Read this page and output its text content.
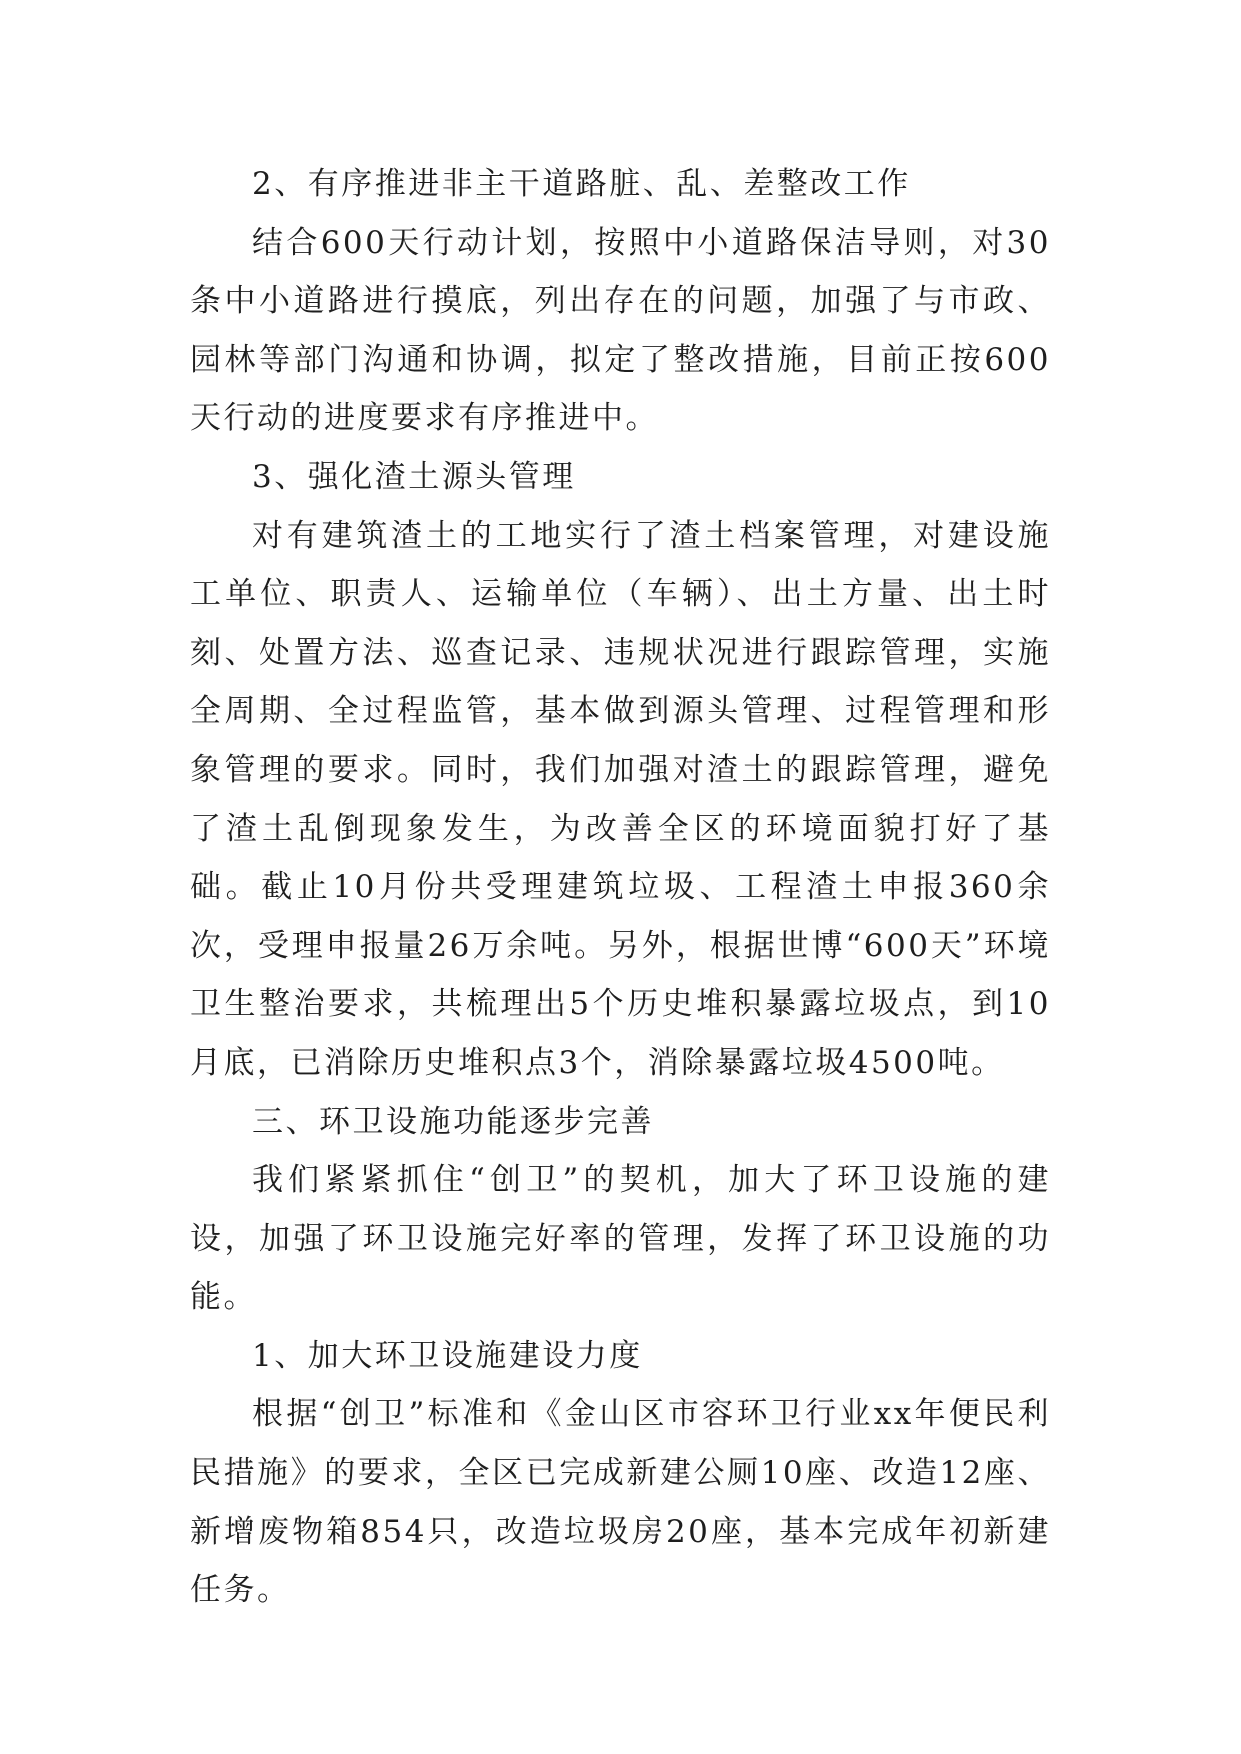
2、有序推进非主干道路脏、乱、差整改工作

结合600天行动计划，按照中小道路保洁导则，对30条中小道路进行摸底，列出存在的问题，加强了与市政、园林等部门沟通和协调，拟定了整改措施，目前正按600天行动的进度要求有序推进中。

3、强化渣土源头管理

对有建筑渣土的工地实行了渣土档案管理，对建设施工单位、职责人、运输单位（车辆）、出土方量、出土时刻、处置方法、巡查记录、违规状况进行跟踪管理，实施全周期、全过程监管，基本做到源头管理、过程管理和形象管理的要求。同时，我们加强对渣土的跟踪管理，避免了渣土乱倒现象发生，为改善全区的环境面貌打好了基础。截止10月份共受理建筑垃圾、工程渣土申报360余次，受理申报量26万余吨。另外，根据世博“600天”环境卫生整治要求，共梳理出5个历史堆积暴露垃圾点，到10月底，已消除历史堆积点3个，消除暴露垃圾4500吨。

三、环卫设施功能逐步完善

我们紧紧抓住“创卫”的契机，加大了环卫设施的建设，加强了环卫设施完好率的管理，发挥了环卫设施的功能。

1、加大环卫设施建设力度

根据“创卫”标准和《金山区市容环卫行业xx年便民利民措施》的要求，全区已完成新建公厕10座、改造12座、新增废物箱854只，改造垃圾房20座，基本完成年初新建任务。
